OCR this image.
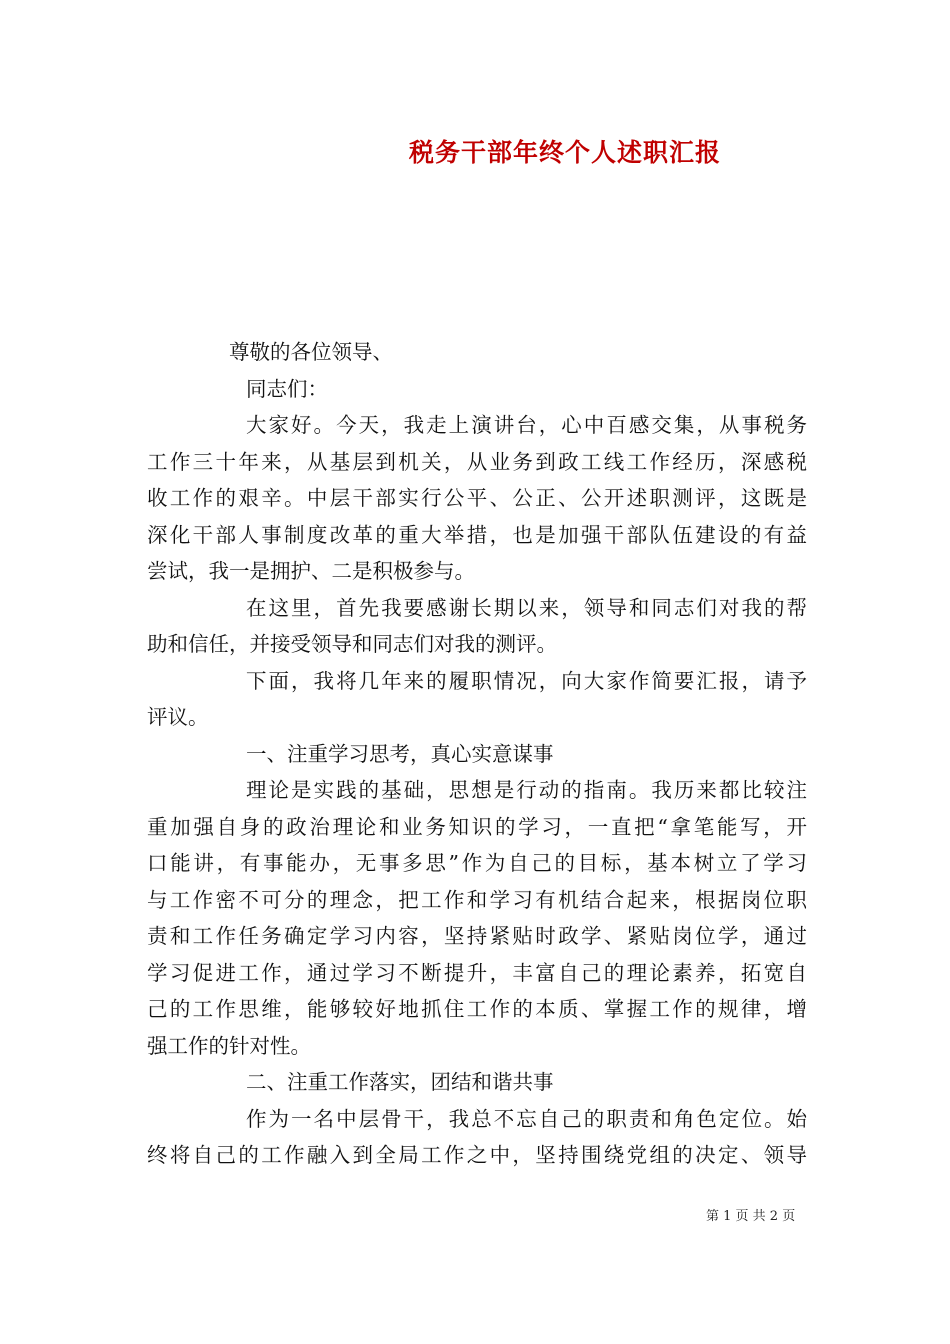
税务干部年终个人述职汇报
尊敬的各位领导、
同志们：
大家好。今天，我走上演讲台，心中百感交集，从事税务
工作三十年来，从基层到机关，从业务到政工线工作经历，深感税
收工作的艰辛。中层干部实行公平、公正、公开述职测评，这既是
深化干部人事制度改革的重大举措，也是加强干部队伍建设的有益
尝试，我一是拥护、二是积极参与。
在这里，首先我要感谢长期以来，领导和同志们对我的帮
助和信任，并接受领导和同志们对我的测评。
下面，我将几年来的履职情况，向大家作简要汇报，请予
评议。
一、注重学习思考，真心实意谋事
理论是实践的基础，思想是行动的指南。我历来都比较注
重加强自身的政治理论和业务知识的学习，一直把“拿笔能写，开
口能讲，有事能办，无事多思”作为自己的目标，基本树立了学习
与工作密不可分的理念，把工作和学习有机结合起来，根据岗位职
责和工作任务确定学习内容，坚持紧贴时政学、紧贴岗位学，通过
学习促进工作，通过学习不断提升，丰富自己的理论素养，拓宽自
己的工作思维，能够较好地抓住工作的本质、掌握工作的规律，增
强工作的针对性。
二、注重工作落实，团结和谐共事
作为一名中层骨干，我总不忘自己的职责和角色定位。始
终将自己的工作融入到全局工作之中，坚持围绕党组的决定、领导
第 1 页 共 2 页
